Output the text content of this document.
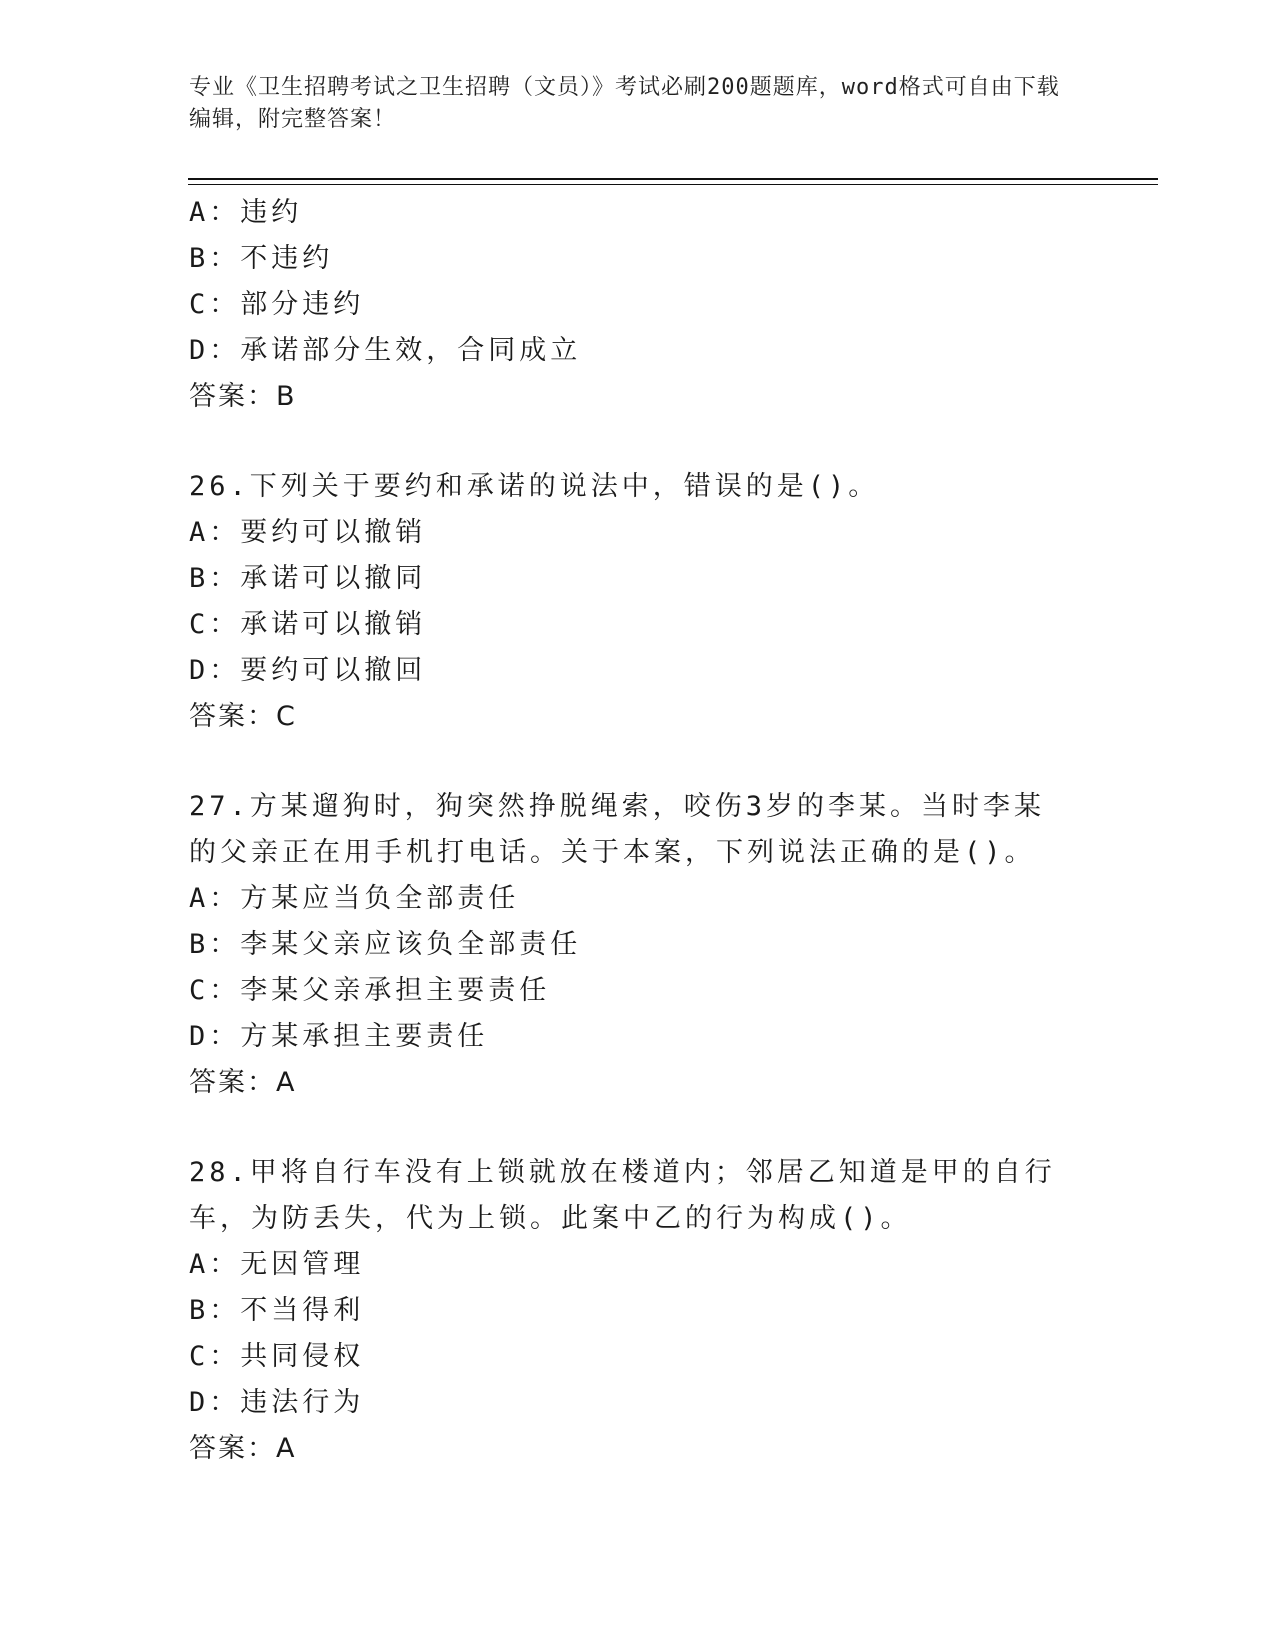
专业《卫生招聘考试之卫生招聘（文员）》考试必刷200题题库，word格式可自由下载编辑，附完整答案！
A：违约
B：不违约
C：部分违约
D：承诺部分生效，合同成立
答案：B
26.下列关于要约和承诺的说法中，错误的是()。
A：要约可以撤销
B：承诺可以撤同
C：承诺可以撤销
D：要约可以撤回
答案：C
27.方某遛狗时，狗突然挣脱绳索，咬伤3岁的李某。当时李某的父亲正在用手机打电话。关于本案，下列说法正确的是()。
A：方某应当负全部责任
B：李某父亲应该负全部责任
C：李某父亲承担主要责任
D：方某承担主要责任
答案：A
28.甲将自行车没有上锁就放在楼道内；邻居乙知道是甲的自行车，为防丢失，代为上锁。此案中乙的行为构成()。
A：无因管理
B：不当得利
C：共同侵权
D：违法行为
答案：A
